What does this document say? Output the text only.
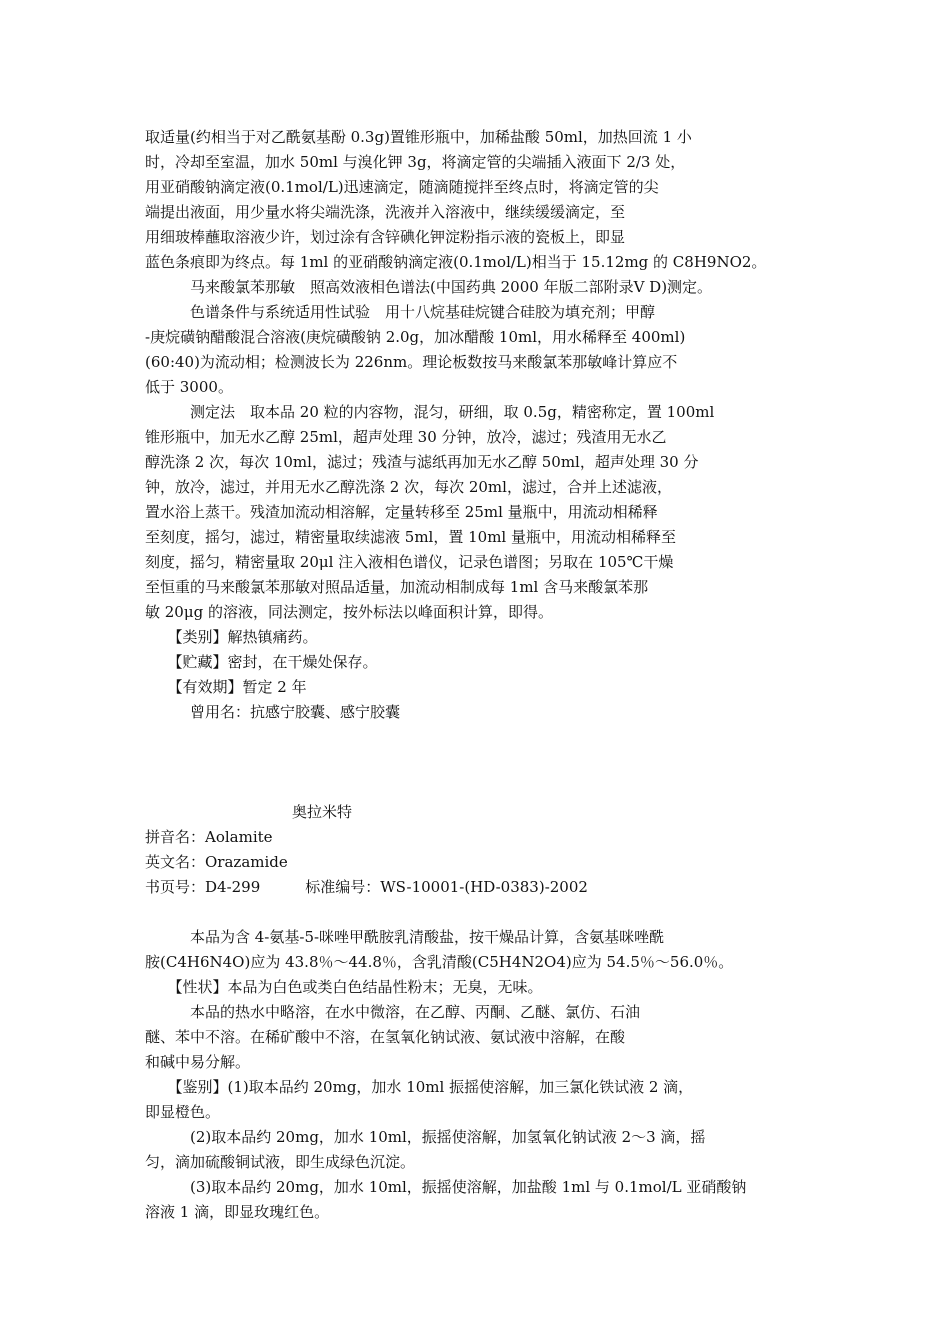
取适量(约相当于对乙酰氨基酚 0.3g)置锥形瓶中，加稀盐酸 50ml，加热回流 1 小
时，冷却至室温，加水 50ml 与溴化钾 3g，将滴定管的尖端插入液面下 2/3 处，
用亚硝酸钠滴定液(0.1mol/L)迅速滴定，随滴随搅拌至终点时，将滴定管的尖
端提出液面，用少量水将尖端洗涤，洗液并入溶液中，继续缓缓滴定，至
用细玻棒蘸取溶液少许，划过涂有含锌碘化钾淀粉指示液的瓷板上，即显
蓝色条痕即为终点。每 1ml 的亚硝酸钠滴定液(0.1mol/L)相当于 15.12mg 的 C8H9NO2。
　　　马来酸氯苯那敏　照高效液相色谱法(中国药典 2000 年版二部附录Ⅴ D)测定。
　　　色谱条件与系统适用性试验　用十八烷基硅烷键合硅胶为填充剂；甲醇
-庚烷磺钠醋酸混合溶液(庚烷磺酸钠 2.0g，加冰醋酸 10ml，用水稀释至 400ml)
(60:40)为流动相；检测波长为 226nm。理论板数按马来酸氯苯那敏峰计算应不
低于 3000。
　　　测定法　取本品 20 粒的内容物，混匀，研细，取 0.5g，精密称定，置 100ml
锥形瓶中，加无水乙醇 25ml，超声处理 30 分钟，放冷，滤过；残渣用无水乙
醇洗涤 2 次，每次 10ml，滤过；残渣与滤纸再加无水乙醇 50ml，超声处理 30 分
钟，放冷，滤过，并用无水乙醇洗涤 2 次，每次 20ml，滤过，合并上述滤液，
置水浴上蒸干。残渣加流动相溶解，定量转移至 25ml 量瓶中，用流动相稀释
至刻度，摇匀，滤过，精密量取续滤液 5ml，置 10ml 量瓶中，用流动相稀释至
刻度，摇匀，精密量取 20μl 注入液相色谱仪，记录色谱图；另取在 105℃干燥
至恒重的马来酸氯苯那敏对照品适量，加流动相制成每 1ml 含马来酸氯苯那
敏 20μg 的溶液，同法测定，按外标法以峰面积计算，即得。
　　【类别】解热镇痛药。
　　【贮藏】密封，在干燥处保存。
　　【有效期】暂定 2 年
　　　曾用名：抗感宁胶囊、感宁胶囊
奥拉米特
拼音名：Aolamite
英文名：Orazamide
书页号：D4-299　　　标准编号：WS-10001-(HD-0383)-2002
　　　本品为含 4-氨基-5-咪唑甲酰胺乳清酸盐，按干燥品计算，含氨基咪唑酰
胺(C4H6N4O)应为 43.8％～44.8％，含乳清酸(C5H4N2O4)应为 54.5％～56.0％。
　　【性状】本品为白色或类白色结晶性粉末；无臭，无味。
　　　本品的热水中略溶，在水中微溶，在乙醇、丙酮、乙醚、氯仿、石油
醚、苯中不溶。在稀矿酸中不溶，在氢氧化钠试液、氨试液中溶解，在酸
和碱中易分解。
　　【鉴别】(1)取本品约 20mg，加水 10ml 振摇使溶解，加三氯化铁试液 2 滴，
即显橙色。
　　　(2)取本品约 20mg，加水 10ml，振摇使溶解，加氢氧化钠试液 2～3 滴，摇
匀，滴加硫酸铜试液，即生成绿色沉淀。
　　　(3)取本品约 20mg，加水 10ml，振摇使溶解，加盐酸 1ml 与 0.1mol/L 亚硝酸钠
溶液 1 滴，即显玫瑰红色。
